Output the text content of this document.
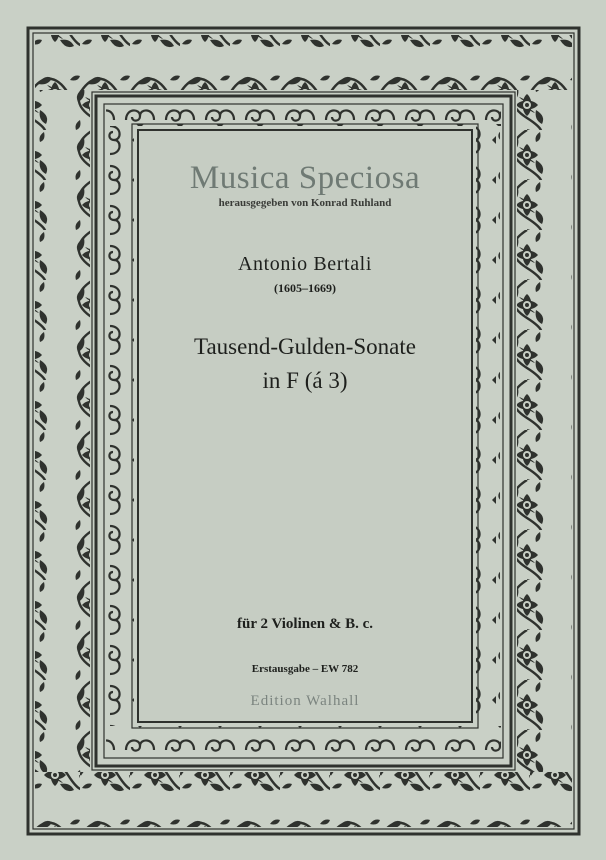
Musica Speciosa
herausgegeben von Konrad Ruhland
Antonio Bertali
(1605–1669)
Tausend-Gulden-Sonate
in F (á 3)
für 2 Violinen & B. c.
Erstausgabe – EW 782
Edition Walhall
